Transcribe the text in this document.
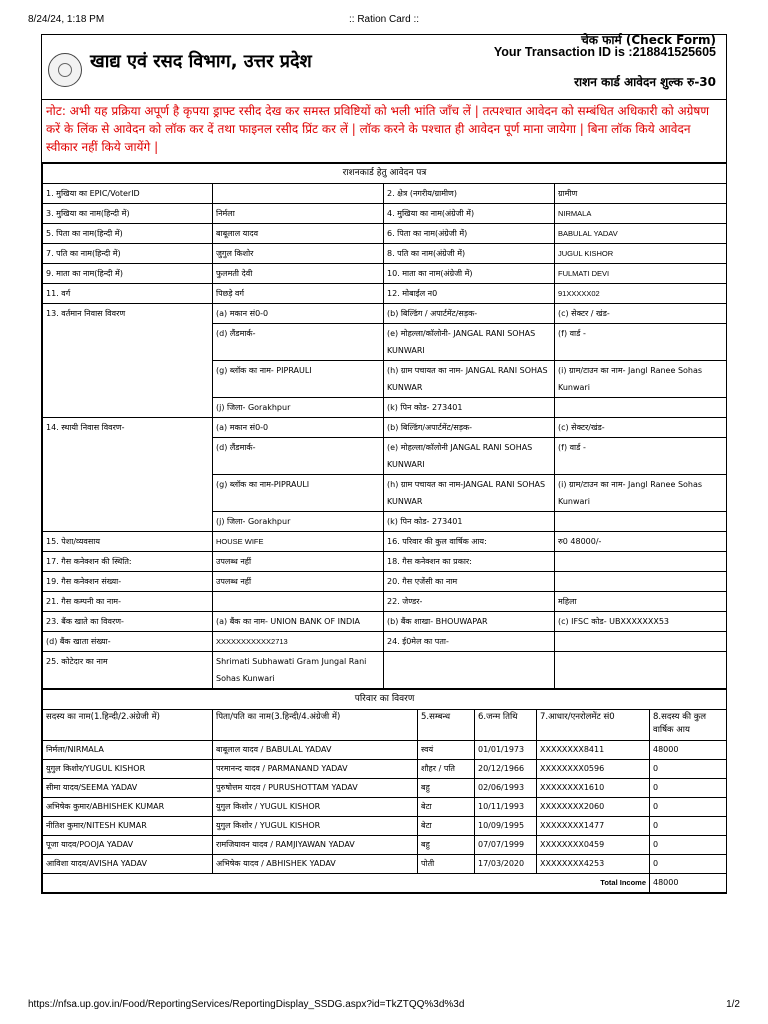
8/24/24, 1:18 PM	:: Ration Card ::
खाद्य एवं रसद विभाग, उत्तर प्रदेश
चेक फार्म (Check Form)
Your Transaction ID is :218841525605
राशन कार्ड आवेदन शुल्क रु-30
नोट: अभी यह प्रक्रिया अपूर्ण है कृपया ड्राफ्ट रसीद देख कर समस्त प्रविष्टियों को भली भांति जाँच लें | तत्पश्चात आवेदन को सम्बंधित अधिकारी को अग्रेषण करें के लिंक से आवेदन को लॉक कर दें तथा फाइनल रसीद प्रिंट कर लें | लॉक करने के पश्चात ही आवेदन पूर्ण माना जायेगा | बिना लॉक किये आवेदन स्वीकार नहीं किये जायेंगे |
राशनकार्ड हेतु आवेदन पत्र			
1. मुखिया का EPIC/VoterID		2. क्षेत्र (नगरीय/ग्रामीण)	ग्रामीण
3. मुखिया का नाम(हिन्दी में)	निर्मला	4. मुखिया का नाम(अंग्रेजी में)	NIRMALA
5. पिता का नाम(हिन्दी में)	बाबूलाल यादव	6. पिता का नाम(अंग्रेजी में)	BABULAL YADAV
7. पति का नाम(हिन्दी में)	जुगुल किशोर	8. पति का नाम(अंग्रेजी में)	JUGUL KISHOR
9. माता का नाम(हिन्दी में)	फुलमती देवी	10. माता का नाम(अंग्रेजी में)	FULMATI DEVI
11. वर्ग	पिछड़े वर्ग	12. मोबाईल न0	91XXXXX02
13. वर्तमान निवास विवरण	(a) मकान सं0-0	(b) बिल्डिंग / अपार्टमेंट/सड़क-	(c) सेक्टर / खंड-
	(d) लैंडमार्क-	(e) मोहल्ला/कॉलोनी- JANGAL RANI SOHAS KUNWARI	(f) वार्ड -
	(g) ब्लॉक का नाम- PIPRAULI	(h) ग्राम पचायत का नाम- JANGAL RANI SOHAS KUNWAR	(i) ग्राम/टाउन का नाम- Jangl Ranee Sohas Kunwari
	(j) जिला- Gorakhpur	(k) पिन कोड- 273401	
14. स्थायी निवास विवरण-	(a) मकान सं0-0	(b) बिल्डिंग/अपार्टमेंट/सड़क-	(c) सेक्टर/खंड-
	(d) लैंडमार्क-	(e) मोहल्ला/कॉलोनी JANGAL RANI SOHAS KUNWARI	(f) वार्ड -
	(g) ब्लॉक का नाम-PIPRAULI	(h) ग्राम पचायत का नाम-JANGAL RANI SOHAS KUNWAR	(i) ग्राम/टाउन का नाम- Jangl Ranee Sohas Kunwari
	(j) जिला- Gorakhpur	(k) पिन कोड- 273401	
15. पेशा/व्यवसाय	HOUSE WIFE	16. परिवार की कुल वार्षिक आय:	रु0 48000/-
17. गैस कनेक्शन की स्थिति:	उपलब्ध नहीं	18. गैस कनेक्शन का प्रकार:	
19. गैस कनेक्शन संख्या-	उपलब्ध नहीं	20. गैस एजेंसी का नाम	
21. गैस कम्पनी का नाम-		22. जेण्डर-	महिला
23. बैंक खाते का विवरण-	(a) बैंक का नाम- UNION BANK OF INDIA	(b) बैंक शाखा- BHOUWAPAR	(c) IFSC कोड- UBXXXXXXX53
(d) बैंक खाता संख्या-	XXXXXXXXXXX2713	24. ई0मेल का पता-	
25. कोटेदार का नाम	Shrimati Subhawati Gram Jungal Rani Sohas Kunwari		
परिवार का विवरण					
सदस्य का नाम(1.हिन्दी/2.अंग्रेजी में)	पिता/पति का नाम(3.हिन्दी/4.अंग्रेजी में)	5.सम्बन्ध	6.जन्म तिथि	7.आधार/एनरोलमेंट सं0	8.सदस्य की कुल वार्षिक आय
निर्मला/NIRMALA	बाबूलाल यादव / BABULAL YADAV	स्वयं	01/01/1973	XXXXXXXX8411	48000
युगुल किशोर/YUGUL KISHOR	परमानन्द यादव / PARMANAND YADAV	शौहर / पति	20/12/1966	XXXXXXXX0596	0
सीमा यादव/SEEMA YADAV	पुरुषोत्तम यादव / PURUSHOTTAM YADAV	बहु	02/06/1993	XXXXXXXX1610	0
अभिषेक कुमार/ABHISHEK KUMAR	युगुल किशोर / YUGUL KISHOR	बेटा	10/11/1993	XXXXXXXX2060	0
नीतिश कुमार/NITESH KUMAR	युगुल किशोर / YUGUL KISHOR	बेटा	10/09/1995	XXXXXXXX1477	0
पूजा यादव/POOJA YADAV	रामजियावन यादव / RAMJIYAWAN YADAV	बहु	07/07/1999	XXXXXXXX0459	0
आविशा यादव/AVISHA YADAV	अभिषेक यादव / ABHISHEK YADAV	पोती	17/03/2020	XXXXXXXX4253	0
Total Income					48000
https://nfsa.up.gov.in/Food/ReportingServices/ReportingDisplay_SSDG.aspx?id=TkZTQQ%3d%3d	1/2
